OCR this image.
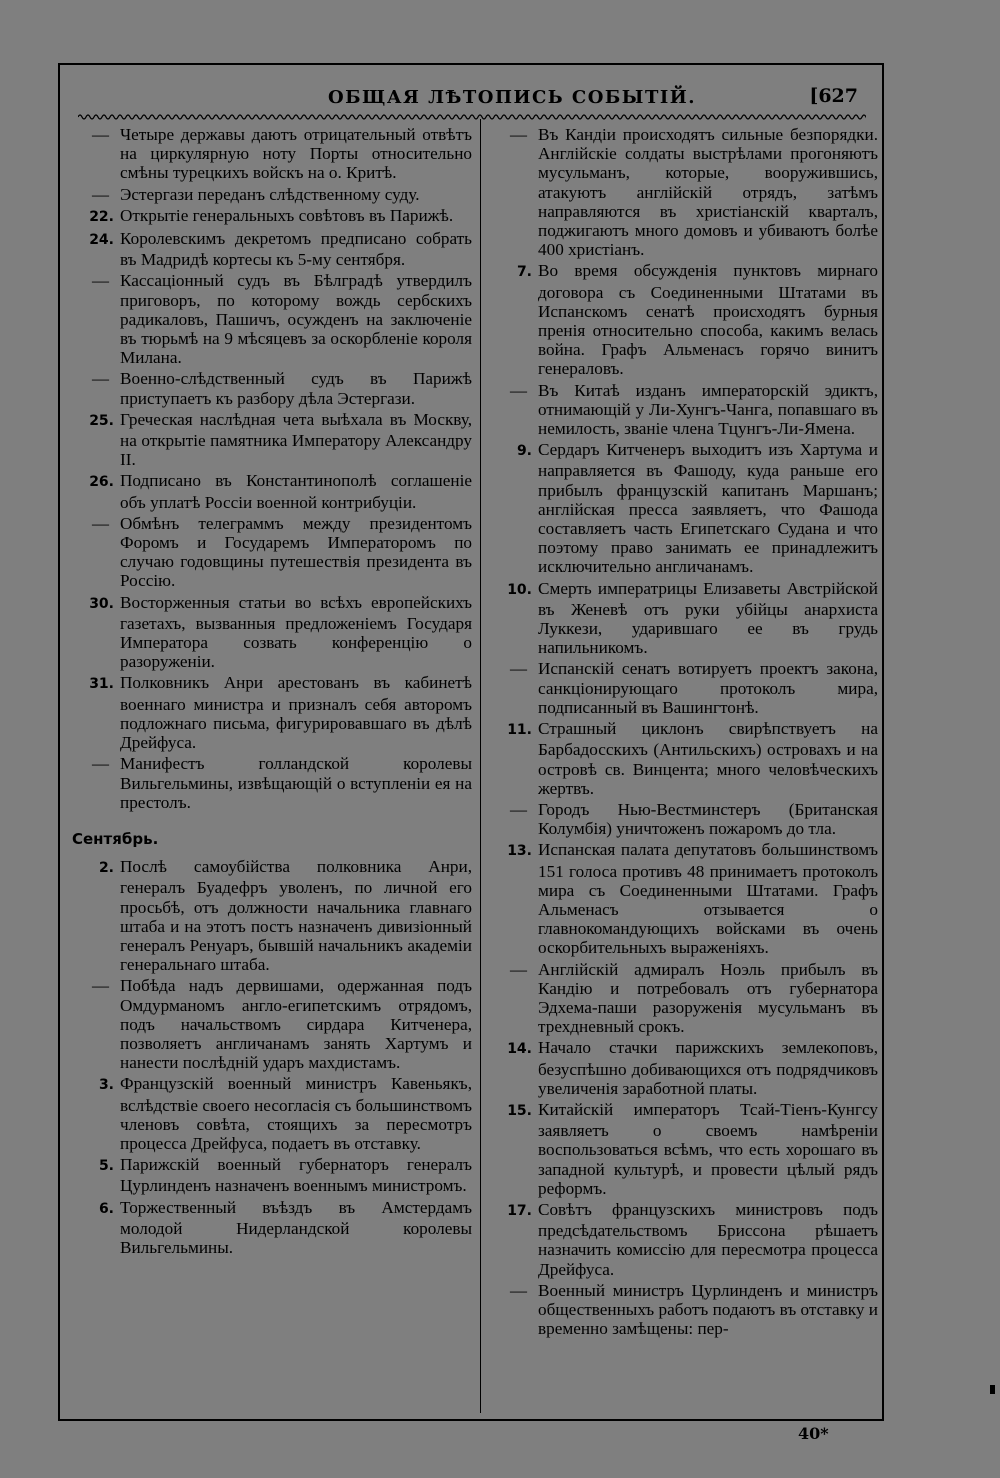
ОБЩАЯ ЛѢТОПИСЬ СОБЫТІЙ.	[627

— Четыре державы даютъ отрицательный отвѣтъ на циркулярную ноту Порты относительно смѣны турецкихъ войскъ на о. Критѣ.

— Эстергази переданъ слѣдственному суду.

22. Открытіе генеральныхъ совѣтовъ въ Парижѣ.

24. Королевскимъ декретомъ предписано собрать въ Мадридѣ кортесы къ 5-му сентября.

— Кассаціонный судъ въ Бѣлградѣ утвердилъ приговоръ, по которому вождь сербскихъ радикаловъ, Пашичъ, осужденъ на заключеніе въ тюрьмѣ на 9 мѣсяцевъ за оскорбленіе короля Милана.

— Военно-слѣдственный судъ въ Парижѣ приступаетъ къ разбору дѣла Эстергази.

25. Греческая наслѣдная чета выѣхала въ Москву, на открытіе памятника Императору Александру II.

26. Подписано въ Константинополѣ соглашеніе объ уплатѣ Россіи военной контрибуціи.

— Обмѣнъ телеграммъ между президентомъ Форомъ и Государемъ Императоромъ по случаю годовщины путешествія президента въ Россію.

30. Восторженныя статьи во всѣхъ европейскихъ газетахъ, вызванныя предложеніемъ Государя Императора созвать конференцію о разоруженіи.

31. Полковникъ Анри арестованъ въ кабинетѣ военнаго министра и призналъ себя авторомъ подложнаго письма, фигурировавшаго въ дѣлѣ Дрейфуса.

— Манифестъ голландской королевы Вильгельмины, извѣщающій о вступленіи ея на престолъ.

Сентябрь.

2. Послѣ самоубійства полковника Анри, генералъ Буадефръ уволенъ, по личной его просьбѣ, отъ должности начальника главнаго штаба и на этотъ постъ назначенъ дивизіонный генералъ Ренуаръ, бывшій начальникъ академіи генеральнаго штаба.

— Побѣда надъ дервишами, одержанная подъ Омдурманомъ англо-египетскимъ отрядомъ, подъ начальствомъ сирдара Китченера, позволяетъ англичанамъ занять Хартумъ и нанести послѣдній ударъ махдистамъ.

3. Французскій военный министръ Кавеньякъ, вслѣдствіе своего несогласія съ большинствомъ членовъ совѣта, стоящихъ за пересмотръ процесса Дрейфуса, подаетъ въ отставку.

5. Парижскій военный губернаторъ генералъ Цурлинденъ назначенъ военнымъ министромъ.

6. Торжественный въѣздъ въ Амстердамъ молодой Нидерландской королевы Вильгельмины.

— Въ Кандіи происходятъ сильные безпорядки. Англійскіе солдаты выстрѣлами прогоняютъ мусульманъ, которые, вооружившись, атакуютъ англійскій отрядъ, затѣмъ направляются въ христіанскій кварталъ, поджигаютъ много домовъ и убиваютъ болѣе 400 христіанъ.

7. Во время обсужденія пунктовъ мирнаго договора съ Соединенными Штатами въ Испанскомъ сенатѣ происходятъ бурныя пренія относительно способа, какимъ велась война. Графъ Альменасъ горячо винитъ генераловъ.

— Въ Китаѣ изданъ императорскій эдиктъ, отнимающій у Ли-Хунгъ-Чанга, попавшаго въ немилость, званіе члена Тцунгъ-Ли-Ямена.

9. Сердаръ Китченеръ выходитъ изъ Хартума и направляется въ Фашоду, куда раньше его прибылъ французскій капитанъ Маршанъ; англійская пресса заявляетъ, что Фашода составляетъ часть Египетскаго Судана и что поэтому право занимать ее принадлежитъ исключительно англичанамъ.

10. Смерть императрицы Елизаветы Австрійской въ Женевѣ отъ руки убійцы анархиста Луккези, ударившаго ее въ грудь напильникомъ.

— Испанскій сенатъ вотируетъ проектъ закона, санкціонирующаго протоколъ мира, подписанный въ Вашингтонѣ.

11. Страшный циклонъ свирѣпствуетъ на Барбадосскихъ (Антильскихъ) островахъ и на островѣ св. Винцента; много человѣческихъ жертвъ.

— Городъ Нью-Вестминстеръ (Британская Колумбія) уничтоженъ пожаромъ до тла.

13. Испанская палата депутатовъ большинствомъ 151 голоса противъ 48 принимаетъ протоколъ мира съ Соединенными Штатами. Графъ Альменасъ отзывается о главнокомандующихъ войсками въ очень оскорбительныхъ выраженіяхъ.

— Англійскій адмиралъ Ноэль прибылъ въ Кандію и потребовалъ отъ губернатора Эдхема-паши разоруженія мусульманъ въ трехдневный срокъ.

14. Начало стачки парижскихъ землекоповъ, безуспѣшно добивающихся отъ подрядчиковъ увеличенія заработной платы.

15. Китайскій императоръ Тсай-Тіенъ-Кунгсу заявляетъ о своемъ намѣреніи воспользоваться всѣмъ, что есть хорошаго въ западной культурѣ, и провести цѣлый рядъ реформъ.

17. Совѣтъ французскихъ министровъ подъ предсѣдательствомъ Бриссона рѣшаетъ назначить комиссію для пересмотра процесса Дрейфуса.

— Военный министръ Цурлинденъ и министръ общественныхъ работъ подаютъ въ отставку и временно замѣщены: пер-

40*
